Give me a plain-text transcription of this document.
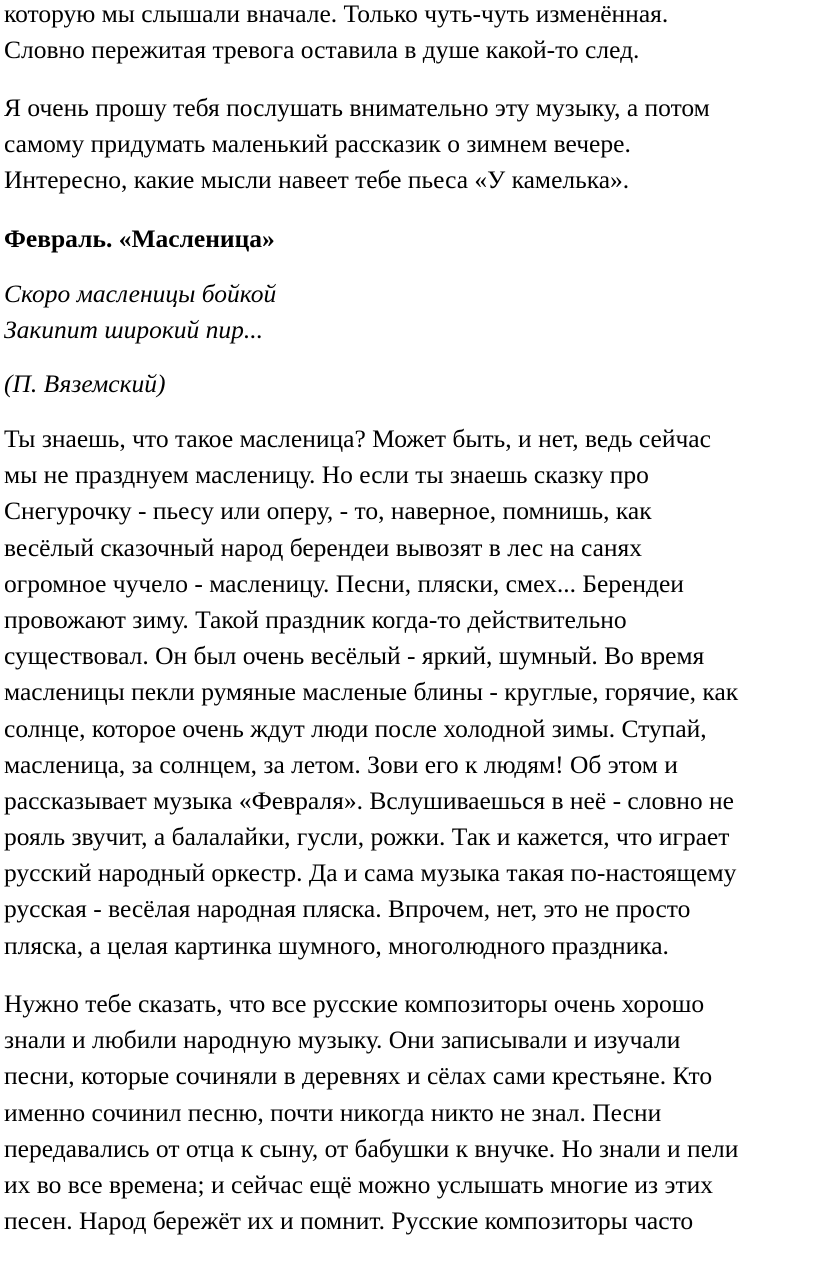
которую мы слышали вначале. Только чуть-чуть изменённая.
Словно пережитая тревога оставила в душе какой-то след.
Я очень прошу тебя послушать внимательно эту музыку, а потом
самому придумать маленький рассказик о зимнем вечере.
Интересно, какие мысли навеет тебе пьеса «У камелька».
Февраль. «Масленица»
Скоро масленицы бойкой
Закипит широкий пир...
(П. Вяземский)
Ты знаешь, что такое масленица? Может быть, и нет, ведь сейчас
мы не празднуем масленицу. Но если ты знаешь сказку про
Снегурочку - пьесу или оперу, - то, наверное, помнишь, как
весёлый сказочный народ берендеи вывозят в лес на санях
огромное чучело - масленицу. Песни, пляски, смех... Берендеи
провожают зиму. Такой праздник когда-то действительно
существовал. Он был очень весёлый - яркий, шумный. Во время
масленицы пекли румяные масленые блины - круглые, горячие, как
солнце, которое очень ждут люди после холодной зимы. Ступай,
масленица, за солнцем, за летом. Зови его к людям! Об этом и
рассказывает музыка «Февраля». Вслушиваешься в неё - словно не
рояль звучит, а балалайки, гусли, рожки. Так и кажется, что играет
русский народный оркестр. Да и сама музыка такая по-настоящему
русская - весёлая народная пляска. Впрочем, нет, это не просто
пляска, а целая картинка шумного, многолюдного праздника.
Нужно тебе сказать, что все русские композиторы очень хорошо
знали и любили народную музыку. Они записывали и изучали
песни, которые сочиняли в деревнях и сёлах сами крестьяне. Кто
именно сочинил песню, почти никогда никто не знал. Песни
передавались от отца к сыну, от бабушки к внучке. Но знали и пели
их во все времена; и сейчас ещё можно услышать многие из этих
песен. Народ бережёт их и помнит. Русские композиторы часто
